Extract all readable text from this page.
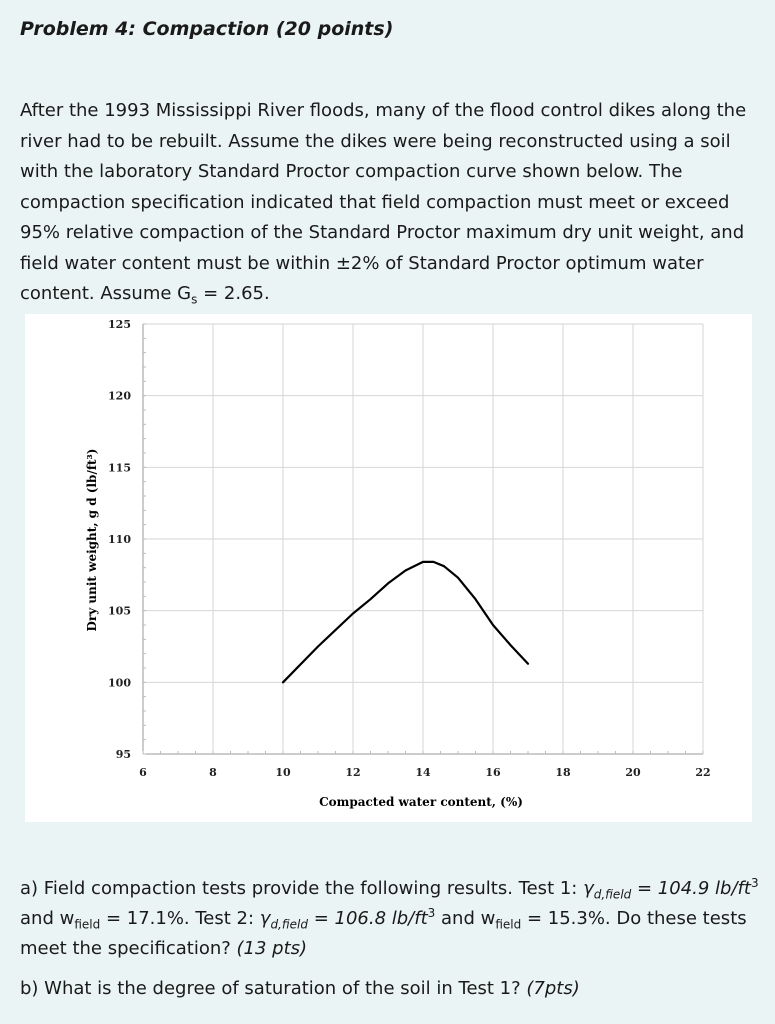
Problem 4: Compaction (20 points)

After the 1993 Mississippi River floods, many of the flood control dikes along the river had to be rebuilt. Assume the dikes were being reconstructed using a soil with the laboratory Standard Proctor compaction curve shown below. The compaction specification indicated that field compaction must meet or exceed 95% relative compaction of the Standard Proctor maximum dry unit weight, and field water content must be within ±2% of Standard Proctor optimum water content. Assume $G_s = 2.65$.

6	8	10	12	14	16	18	20	22
95
100
105
110
115
120
125
Compacted water content, (%)
Dry unit weight, g d (lb/ft³)

a) Field compaction tests provide the following results. Test 1: $\gamma_{d,field} = 104.9$ $lb/ft^3$ and $w_{field} = 17.1\%$. Test 2: $\gamma_{d,field} = 106.8$ $lb/ft^3$ and $w_{field} = 15.3\%$. Do these tests meet the specification? (13 pts)

b) What is the degree of saturation of the soil in Test 1? (7pts)
